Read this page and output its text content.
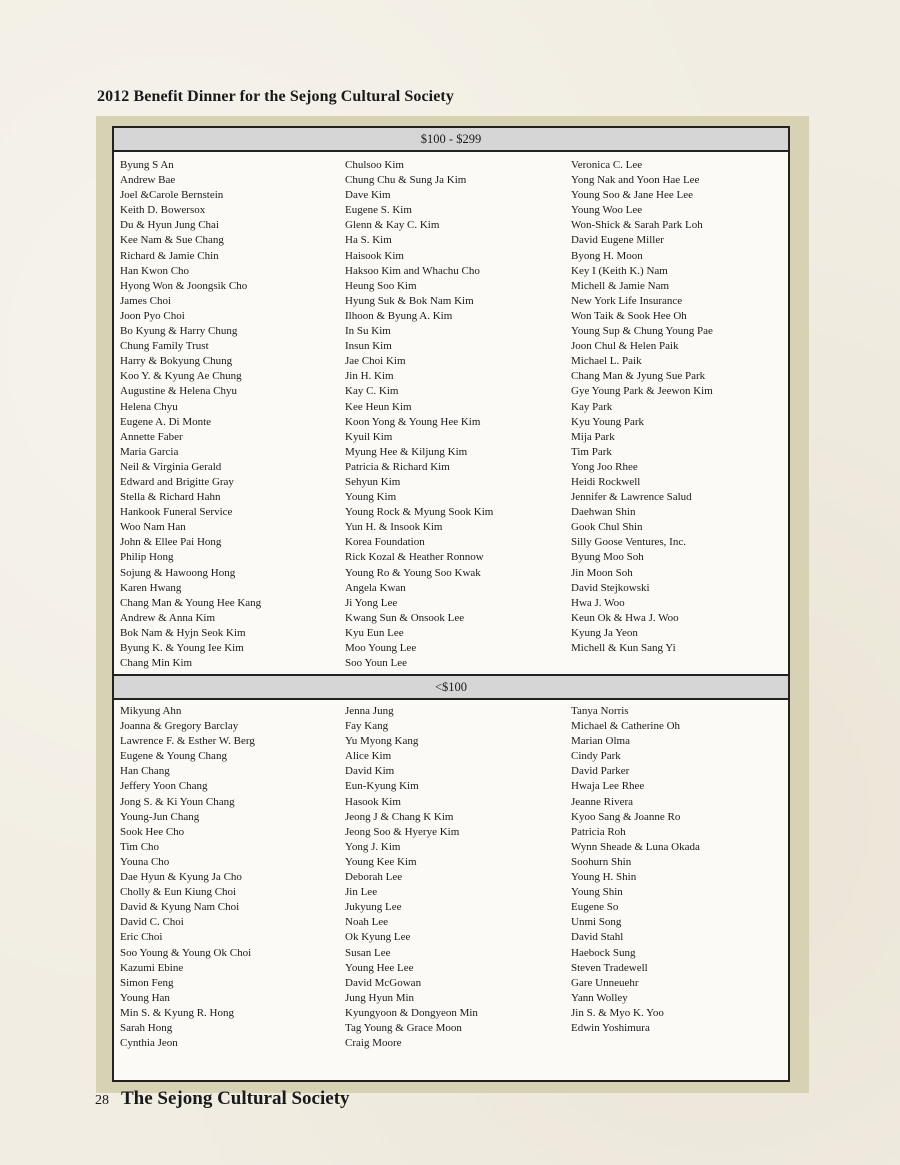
2012 Benefit Dinner for the Sejong Cultural Society
$100 - $299
Byung S An
Andrew Bae
Joel &Carole Bernstein
Keith D. Bowersox
Du & Hyun Jung Chai
Kee Nam & Sue Chang
Richard & Jamie Chin
Han Kwon Cho
Hyong Won & Joongsik Cho
James Choi
Joon Pyo Choi
Bo Kyung & Harry Chung
Chung Family Trust
Harry & Bokyung Chung
Koo Y. & Kyung Ae Chung
Augustine & Helena Chyu
Helena Chyu
Eugene A. Di Monte
Annette Faber
Maria Garcia
Neil & Virginia Gerald
Edward and Brigitte Gray
Stella & Richard Hahn
Hankook Funeral Service
Woo Nam Han
John & Ellee Pai Hong
Philip Hong
Sojung & Hawoong Hong
Karen Hwang
Chang Man & Young Hee Kang
Andrew & Anna Kim
Bok Nam & Hyjn Seok Kim
Byung K. & Young Iee Kim
Chang Min Kim
Chulsoo Kim
Chung Chu & Sung Ja Kim
Dave Kim
Eugene S. Kim
Glenn & Kay C. Kim
Ha S. Kim
Haisook Kim
Haksoo Kim and Whachu Cho
Heung Soo Kim
Hyung Suk & Bok Nam Kim
Ilhoon & Byung A. Kim
In Su Kim
Insun Kim
Jae Choi Kim
Jin H. Kim
Kay C. Kim
Kee Heun Kim
Koon Yong & Young Hee Kim
Kyuil Kim
Myung Hee & Kiljung Kim
Patricia & Richard Kim
Sehyun Kim
Young Kim
Young Rock & Myung Sook Kim
Yun H. & Insook Kim
Korea Foundation
Rick Kozal & Heather Ronnow
Young Ro & Young Soo Kwak
Angela Kwan
Ji Yong Lee
Kwang Sun & Onsook Lee
Kyu Eun Lee
Moo Young Lee
Soo Youn Lee
Veronica C. Lee
Yong Nak and Yoon Hae Lee
Young Soo & Jane Hee Lee
Young Woo Lee
Won-Shick & Sarah Park Loh
David Eugene Miller
Byong H. Moon
Key I (Keith K.) Nam
Michell & Jamie Nam
New York Life Insurance
Won Taik & Sook Hee Oh
Young Sup & Chung Young Pae
Joon Chul & Helen Paik
Michael L. Paik
Chang Man & Jyung Sue Park
Gye Young Park & Jeewon Kim
Kay Park
Kyu Young Park
Mija Park
Tim Park
Yong Joo Rhee
Heidi Rockwell
Jennifer & Lawrence Salud
Daehwan Shin
Gook Chul Shin
Silly Goose Ventures, Inc.
Byung Moo Soh
Jin Moon Soh
David Stejkowski
Hwa J. Woo
Keun Ok & Hwa J. Woo
Kyung Ja Yeon
Michell & Kun Sang Yi
<$100
Mikyung Ahn
Joanna & Gregory Barclay
Lawrence F. & Esther W. Berg
Eugene & Young Chang
Han Chang
Jeffery Yoon Chang
Jong S. & Ki Youn Chang
Young-Jun Chang
Sook Hee Cho
Tim Cho
Youna Cho
Dae Hyun & Kyung Ja Cho
Cholly & Eun Kiung Choi
David & Kyung Nam Choi
David C. Choi
Eric Choi
Soo Young & Young Ok Choi
Kazumi Ebine
Simon Feng
Young Han
Min S. & Kyung R. Hong
Sarah Hong
Cynthia Jeon
Jenna Jung
Fay Kang
Yu Myong Kang
Alice Kim
David Kim
Eun-Kyung Kim
Hasook Kim
Jeong J & Chang K Kim
Jeong Soo & Hyerye Kim
Yong J. Kim
Young Kee Kim
Deborah Lee
Jin Lee
Jukyung Lee
Noah Lee
Ok Kyung Lee
Susan Lee
Young Hee Lee
David McGowan
Jung Hyun Min
Kyungyoon & Dongyeon Min
Tag Young & Grace Moon
Craig Moore
Tanya Norris
Michael & Catherine Oh
Marian Olma
Cindy Park
David Parker
Hwaja Lee Rhee
Jeanne Rivera
Kyoo Sang & Joanne Ro
Patricia Roh
Wynn Sheade & Luna Okada
Soohurn Shin
Young H. Shin
Young Shin
Eugene So
Unmi Song
David Stahl
Haebock Sung
Steven Tradewell
Gare Unneuehr
Yann Wolley
Jin S. & Myo K. Yoo
Edwin Yoshimura
28 The Sejong Cultural Society
